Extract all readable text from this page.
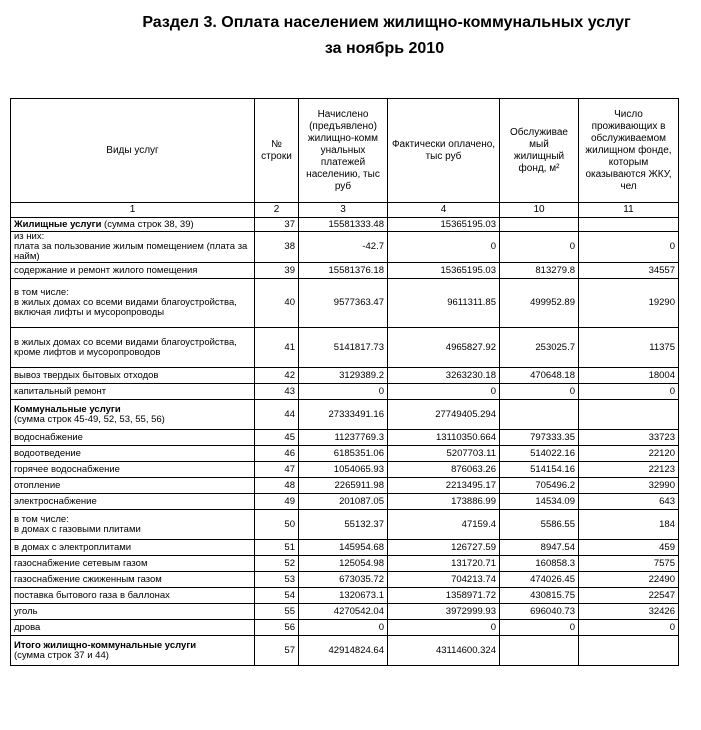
Раздел 3. Оплата населением жилищно-коммунальных услуг
за ноябрь 2010
Виды услуг	№ строки	Начислено (предъявлено) жилищно-комм унальных платежей населению, тыс руб	Фактически оплачено, тыс руб	Обслуживае мый жилищный фонд, м²	Число проживающих в обслуживаемом жилищном фонде, которым оказываются ЖКУ, чел
1	2	3	4	10	11
Жилищные услуги (сумма строк 38, 39)	37	15581333.48	15365195.03		
из них:
плата за пользование жилым помещением (плата за найм)	38	-42.7	0	0	0
содержание и ремонт жилого помещения	39	15581376.18	15365195.03	813279.8	34557
в том числе:
в жилых домах со всеми видами благоустройства, включая лифты и мусоропроводы	40	9577363.47	9611311.85	499952.89	19290
в жилых домах со всеми видами благоустройства, кроме лифтов и мусоропроводов	41	5141817.73	4965827.92	253025.7	11375
вывоз твердых бытовых отходов	42	3129389.2	3263230.18	470648.18	18004
капитальный ремонт	43	0	0	0	0
Коммунальные услуги
(сумма строк 45-49, 52, 53, 55, 56)	44	27333491.16	27749405.294		
водоснабжение	45	11237769.3	13110350.664	797333.35	33723
водоотведение	46	6185351.06	5207703.11	514022.16	22120
горячее водоснабжение	47	1054065.93	876063.26	514154.16	22123
отопление	48	2265911.98	2213495.17	705496.2	32990
электроснабжение	49	201087.05	173886.99	14534.09	643
в том числе:
в домах с газовыми плитами	50	55132.37	47159.4	5586.55	184
в домах с электроплитами	51	145954.68	126727.59	8947.54	459
газоснабжение сетевым газом	52	125054.98	131720.71	160858.3	7575
газоснабжение сжиженным газом	53	673035.72	704213.74	474026.45	22490
поставка бытового газа в баллонах	54	1320673.1	1358971.72	430815.75	22547
уголь	55	4270542.04	3972999.93	696040.73	32426
дрова	56	0	0	0	0
Итого жилищно-коммунальные услуги
(сумма строк 37 и 44)	57	42914824.64	43114600.324		
